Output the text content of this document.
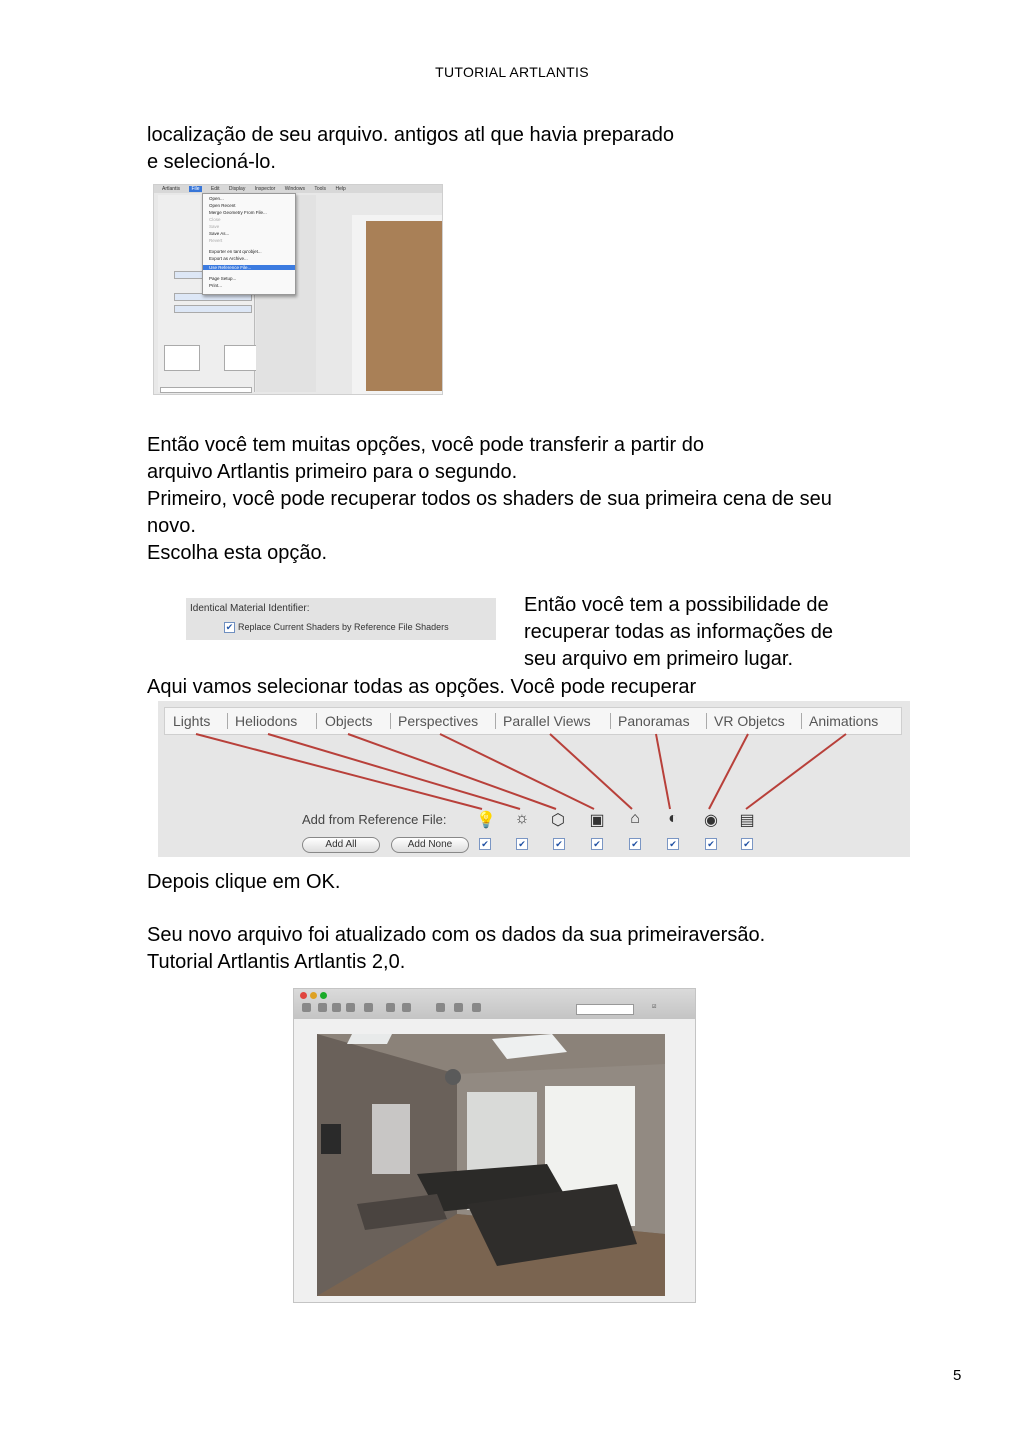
TUTORIAL ARTLANTIS

localização de seu arquivo. antigos atl que havia preparado
e selecioná-lo.

Artlantis File Edit Display Inspector Windows Tools Help
Open...
Open Recent
Merge Geometry From File...
Close
Save
Save As...
Revert
Exporter en tant qu'objet...
Export as Archive...
Use Reference File...
Page Setup...
Print...

Então você tem muitas opções, você pode transferir a partir do
arquivo Artlantis primeiro para o segundo.
Primeiro, você pode recuperar todos os shaders de sua primeira cena de seu
novo.
Escolha esta opção.

Identical Material Identifier:
✔ Replace Current Shaders by Reference File Shaders

Então você tem a possibilidade de
recuperar todas as informações de
seu arquivo em primeiro lugar.

Aqui vamos selecionar todas as opções. Você pode recuperar

Lights Heliodons Objects Perspectives Parallel Views Panoramas VR Objetcs Animations
Add from Reference File: 💡 ☼ ⬡ ▣ ⌂ ◐ ◉ ▤
Add All	Add None	✔	✔	✔	✔	✔	✔	✔	✔

Depois clique em OK.

Seu novo arquivo foi atualizado com os dados da sua primeiraversão.
Tutorial Artlantis Artlantis 2,0.

☑
5
